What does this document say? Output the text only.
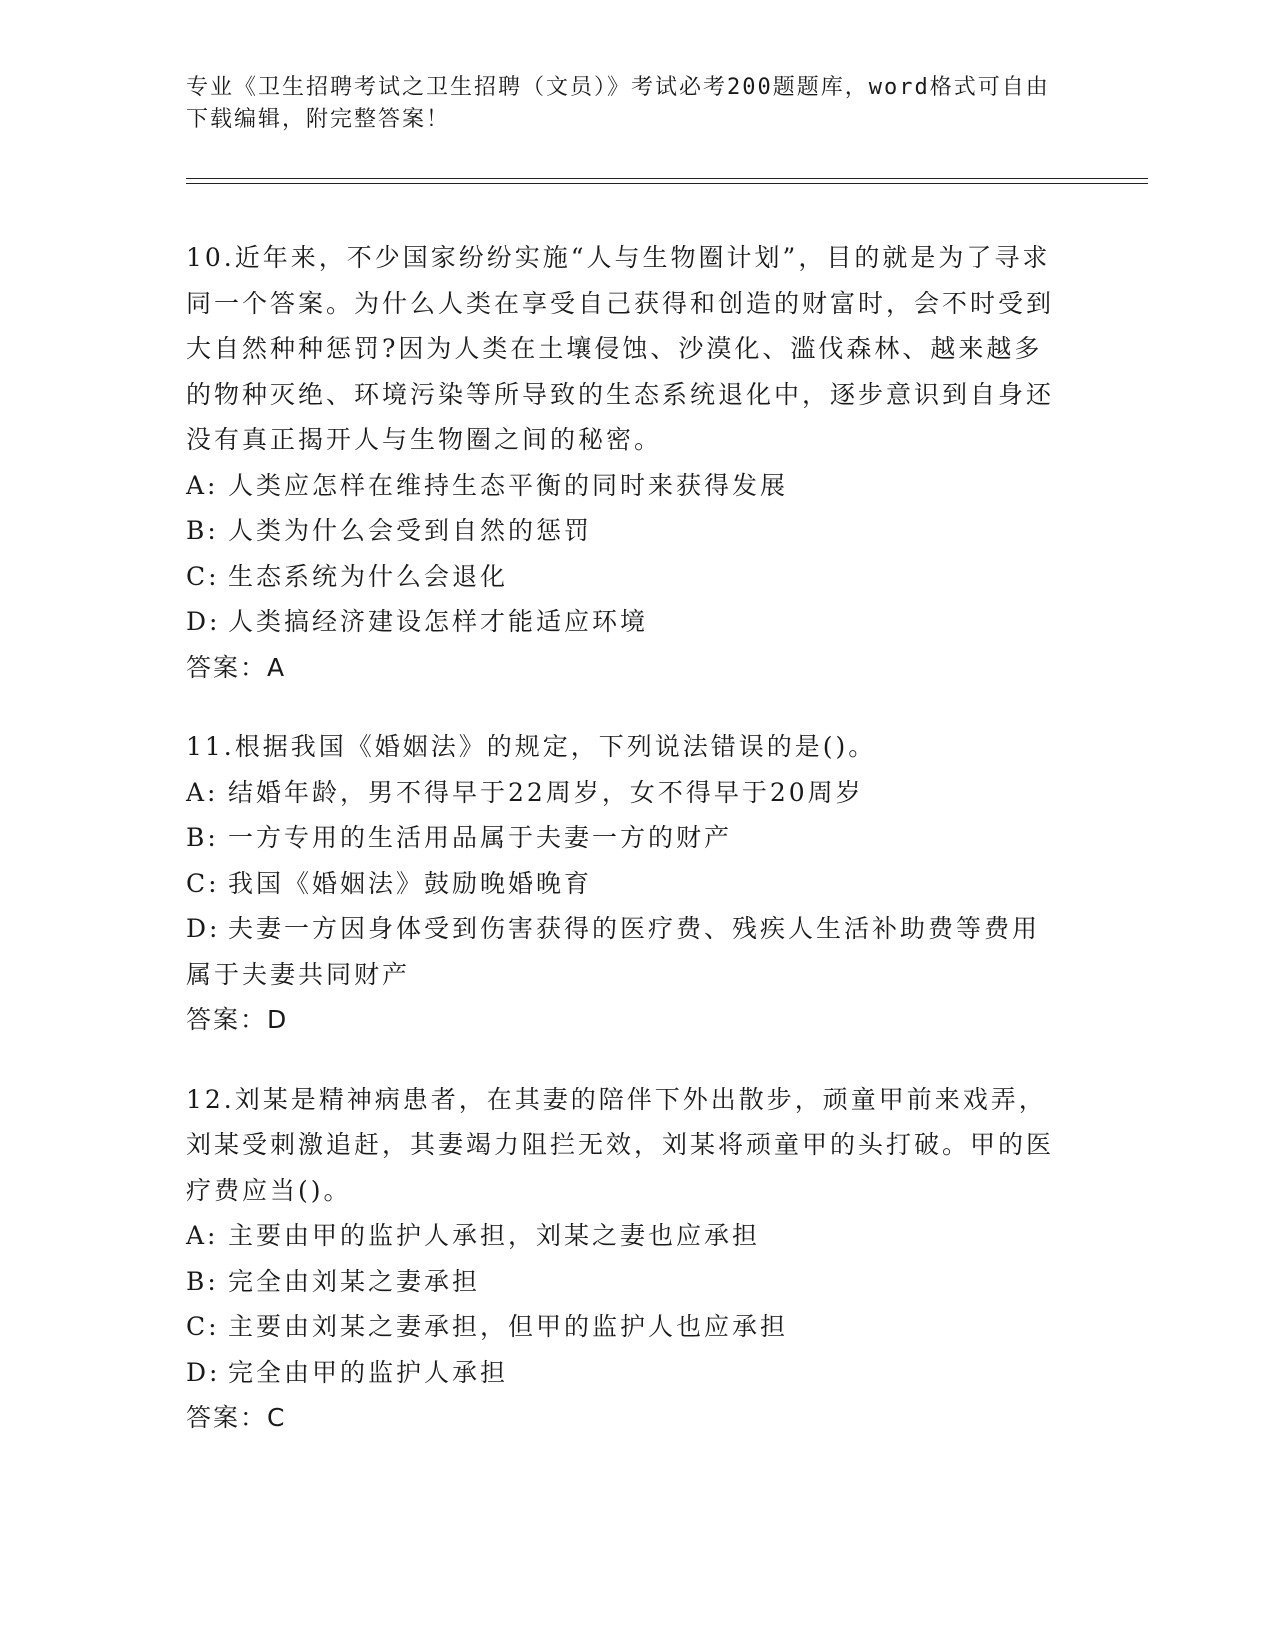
专业《卫生招聘考试之卫生招聘（文员）》考试必考200题题库，word格式可自由下载编辑，附完整答案！

10.近年来，不少国家纷纷实施“人与生物圈计划”，目的就是为了寻求同一个答案。为什么人类在享受自己获得和创造的财富时，会不时受到大自然种种惩罚?因为人类在土壤侵蚀、沙漠化、滥伐森林、越来越多的物种灭绝、环境污染等所导致的生态系统退化中，逐步意识到自身还没有真正揭开人与生物圈之间的秘密。

A: 人类应怎样在维持生态平衡的同时来获得发展

B: 人类为什么会受到自然的惩罚

C: 生态系统为什么会退化

D: 人类搞经济建设怎样才能适应环境

答案：A

11.根据我国《婚姻法》的规定，下列说法错误的是()。

A: 结婚年龄，男不得早于22周岁，女不得早于20周岁

B: 一方专用的生活用品属于夫妻一方的财产

C: 我国《婚姻法》鼓励晚婚晚育

D: 夫妻一方因身体受到伤害获得的医疗费、残疾人生活补助费等费用属于夫妻共同财产

答案：D

12.刘某是精神病患者，在其妻的陪伴下外出散步，顽童甲前来戏弄，刘某受刺激追赶，其妻竭力阻拦无效，刘某将顽童甲的头打破。甲的医疗费应当()。

A: 主要由甲的监护人承担，刘某之妻也应承担

B: 完全由刘某之妻承担

C: 主要由刘某之妻承担，但甲的监护人也应承担

D: 完全由甲的监护人承担

答案：C
